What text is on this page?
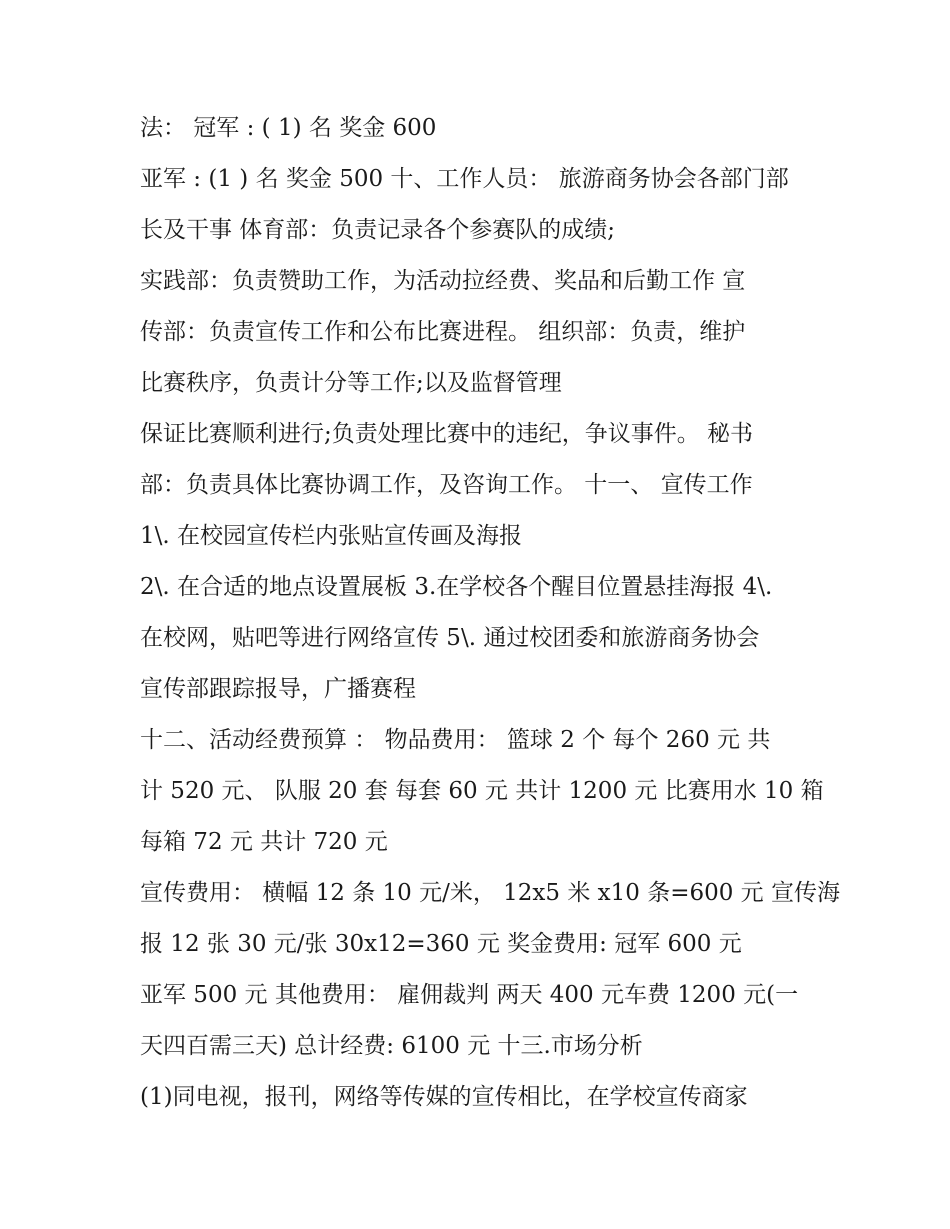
法： 冠军 : ( 1) 名 奖金 600
亚军 : (1 ) 名 奖金 500 十、工作人员： 旅游商务协会各部门部
长及干事 体育部：负责记录各个参赛队的成绩;
实践部：负责赞助工作，为活动拉经费、奖品和后勤工作 宣
传部：负责宣传工作和公布比赛进程。 组织部：负责，维护
比赛秩序，负责计分等工作;以及监督管理
保证比赛顺利进行;负责处理比赛中的违纪，争议事件。 秘书
部：负责具体比赛协调工作，及咨询工作。 十一、 宣传工作
1\. 在校园宣传栏内张贴宣传画及海报
2\. 在合适的地点设置展板 3.在学校各个醒目位置悬挂海报 4\.
在校网，贴吧等进行网络宣传 5\. 通过校团委和旅游商务协会
宣传部跟踪报导，广播赛程
十二、活动经费预算 ： 物品费用： 篮球 2 个 每个 260 元 共
计 520 元、 队服 20 套 每套 60 元 共计 1200 元 比赛用水 10 箱
每箱 72 元 共计 720 元
宣传费用： 横幅 12 条 10 元/米， 12x5 米 x10 条=600 元 宣传海
报 12 张 30 元/张 30x12=360 元 奖金费用: 冠军 600 元
亚军 500 元 其他费用： 雇佣裁判 两天 400 元车费 1200 元(一
天四百需三天) 总计经费: 6100 元 十三.市场分析
(1)同电视，报刊，网络等传媒的宣传相比，在学校宣传商家
